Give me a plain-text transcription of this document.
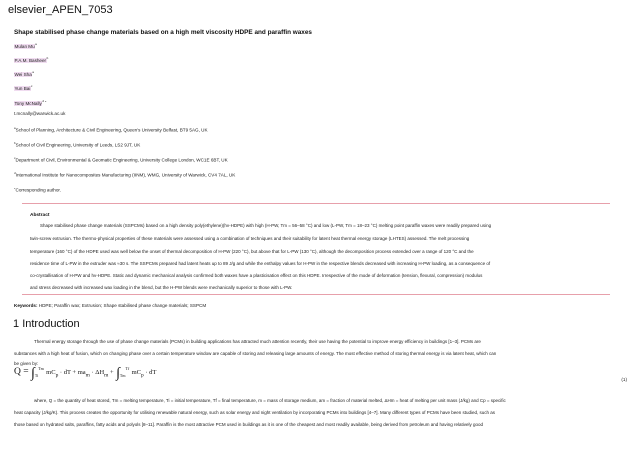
elsevier_APEN_7053
Shape stabilised phase change materials based on a high melt viscosity HDPE and paraffin waxes
Mulan Mu$^a$
P.A.M. Basheer$^b$
Wei Sha$^a$
Yun Bai$^c$
Tony McNally$^{d ⁎}$
t.mcnally@warwick.ac.uk
$^a$School of Planning, Architecture & Civil Engineering, Queen's University Belfast, BT9 5AG, UK
$^b$School of Civil Engineering, University of Leeds, LS2 9JT, UK
$^c$Department of Civil, Environmental & Geomatic Engineering, University College London, WC1E 6BT, UK
$^d$International Institute for Nanocomposites Manufacturing (IINM), WMG, University of Warwick, CV4 7AL, UK
⁎Corresponding author.
Abstract
Shape stabilised phase change materials (SSPCMs) based on a high density poly(ethylene)(hv-HDPE) with high (H-PW, Tm = 56–58 °C) and low (L-PW, Tm = 18–23 °C) melting point paraffin waxes were readily prepared using
twin-screw extrusion. The thermo-physical properties of these materials were assessed using a combination of techniques and their suitability for latent heat thermal energy storage (LHTES) assessed. The melt processing
temperature (160 °C) of the HDPE used was well below the onset of thermal decomposition of H-PW (220 °C), but above that for L-PW (130 °C), although the decomposition process extended over a range of 120 °C and the
residence time of L-PW in the extruder was ≈30 s. The SSPCMs prepared had latent heats up to 89 J/g and while the enthalpy values for H-PW in the respective blends decreased with increasing H-PW loading, as a consequence of
co-crystallisation of H-PW and hv-HDPE. Static and dynamic mechanical analysis confirmed both waxes have a plasticisation effect on this HDPE. Irrespective of the mode of deformation (tension, flexural, compression) modulus
and stress decreased with increased wax loading in the blend, but the H-PW blends were mechanically superior to those with L-PW.
Keywords: HDPE; Paraffin wax; Extrusion; Shape stabilised phase change materials; SSPCM
1 Introduction
Thermal energy storage through the use of phase change materials (PCMs) in building applications has attracted much attention recently, their use having the potential to improve energy efficiency in buildings [1–3]. PCMs are
substances with a high heat of fusion, which on changing phase over a certain temperature window are capable of storing and releasing large amounts of energy. The most effective method of storing thermal energy is via latent heat, which can
be given by:
$Q = \int_{Ti}^{Tm}$ $mC_p$ · dT + $ma_m \cdot \Delta H_m + \int_{Tm}^{Tf}$ $mC_p$ · dT
(1)
where, Q = the quantity of heat stored, Tm = melting temperature, Ti = initial temperature, Tf = final temperature, m = mass of storage medium, am = fraction of material melted, ΔHm = heat of melting per unit mass (J/kg) and Cp = specific
heat capacity (J/kg/K). This process creates the opportunity for utilising renewable natural energy, such as solar energy and night ventilation by incorporating PCMs into buildings [4–7]. Many different types of PCMs have been studied, such as
those based on hydrated salts, paraffins, fatty acids and polyols [8–11]. Paraffin is the most attractive PCM used in buildings as it is one of the cheapest and most readily available, being derived from petroleum and having relatively good
